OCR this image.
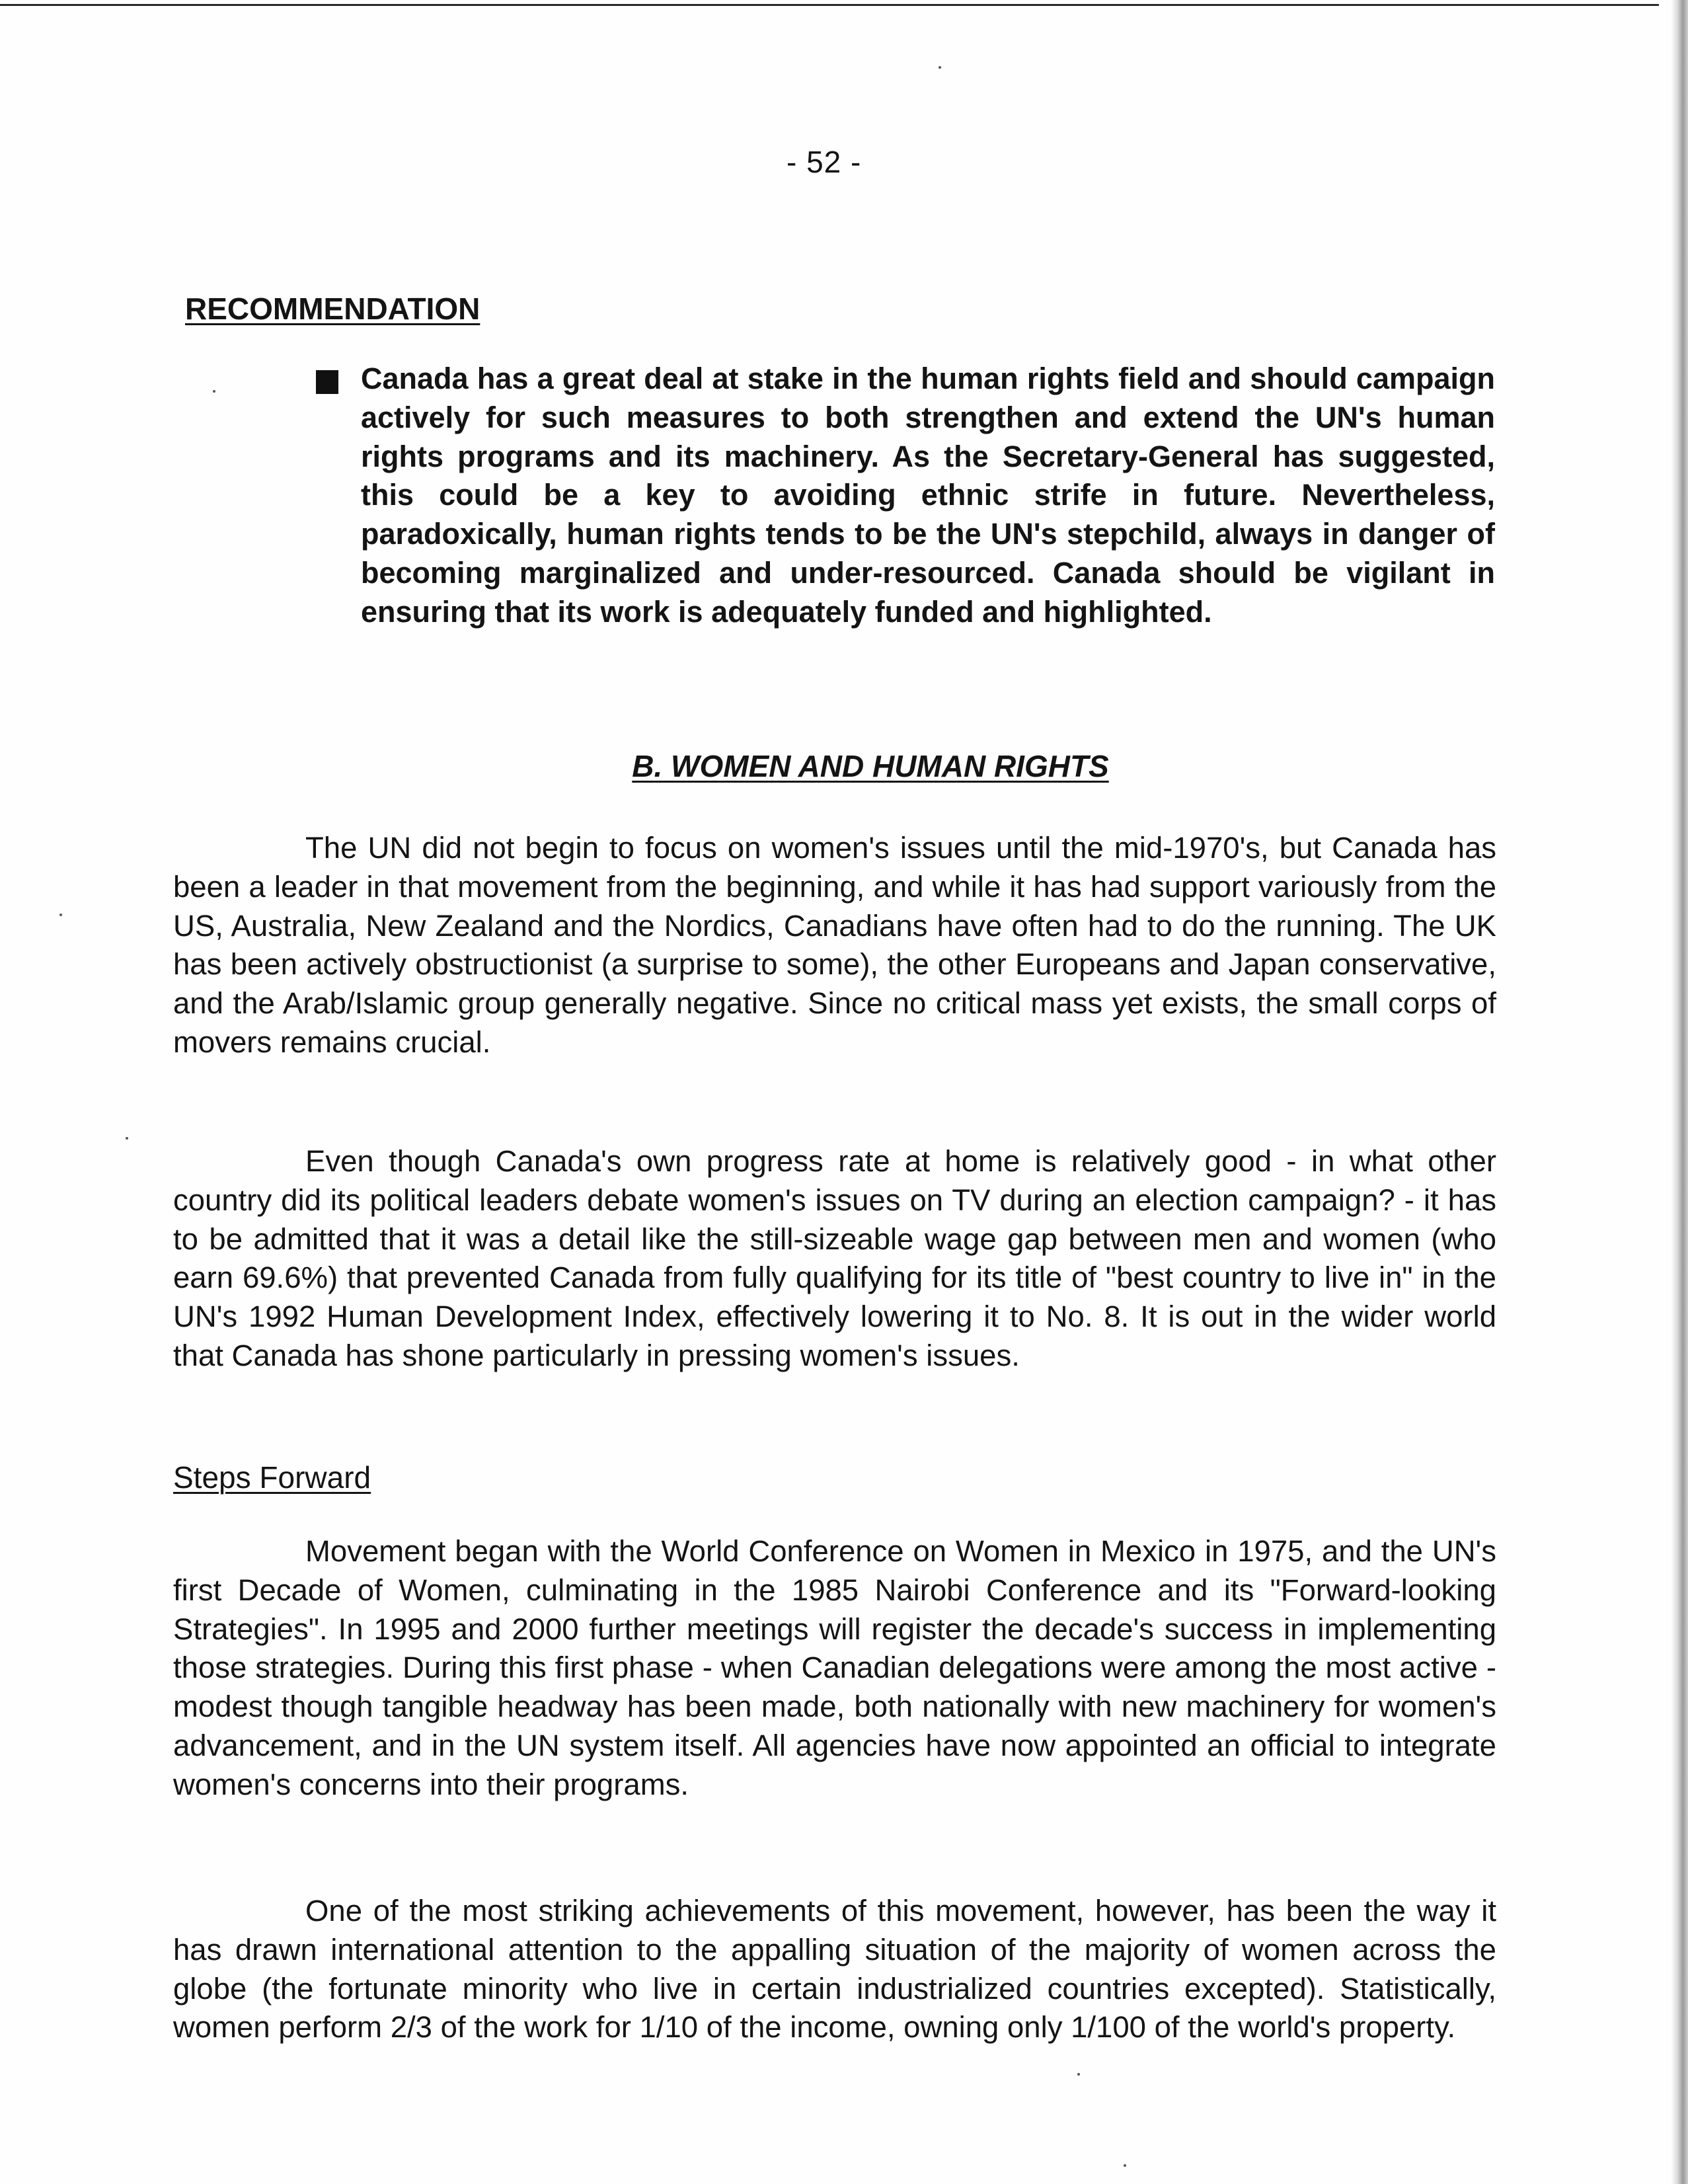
- 52 -
RECOMMENDATION
Canada has a great deal at stake in the human rights field and should campaign actively for such measures to both strengthen and extend the UN's human rights programs and its machinery. As the Secretary-General has suggested, this could be a key to avoiding ethnic strife in future. Nevertheless, paradoxically, human rights tends to be the UN's stepchild, always in danger of becoming marginalized and under-resourced. Canada should be vigilant in ensuring that its work is adequately funded and highlighted.
B. WOMEN AND HUMAN RIGHTS
The UN did not begin to focus on women's issues until the mid-1970's, but Canada has been a leader in that movement from the beginning, and while it has had support variously from the US, Australia, New Zealand and the Nordics, Canadians have often had to do the running. The UK has been actively obstructionist (a surprise to some), the other Europeans and Japan conservative, and the Arab/Islamic group generally negative. Since no critical mass yet exists, the small corps of movers remains crucial.
Even though Canada's own progress rate at home is relatively good - in what other country did its political leaders debate women's issues on TV during an election campaign? - it has to be admitted that it was a detail like the still-sizeable wage gap between men and women (who earn 69.6%) that prevented Canada from fully qualifying for its title of "best country to live in" in the UN's 1992 Human Development Index, effectively lowering it to No. 8. It is out in the wider world that Canada has shone particularly in pressing women's issues.
Steps Forward
Movement began with the World Conference on Women in Mexico in 1975, and the UN's first Decade of Women, culminating in the 1985 Nairobi Conference and its "Forward-looking Strategies". In 1995 and 2000 further meetings will register the decade's success in implementing those strategies. During this first phase - when Canadian delegations were among the most active - modest though tangible headway has been made, both nationally with new machinery for women's advancement, and in the UN system itself. All agencies have now appointed an official to integrate women's concerns into their programs.
One of the most striking achievements of this movement, however, has been the way it has drawn international attention to the appalling situation of the majority of women across the globe (the fortunate minority who live in certain industrialized countries excepted). Statistically, women perform 2/3 of the work for 1/10 of the income, owning only 1/100 of the world's property.
